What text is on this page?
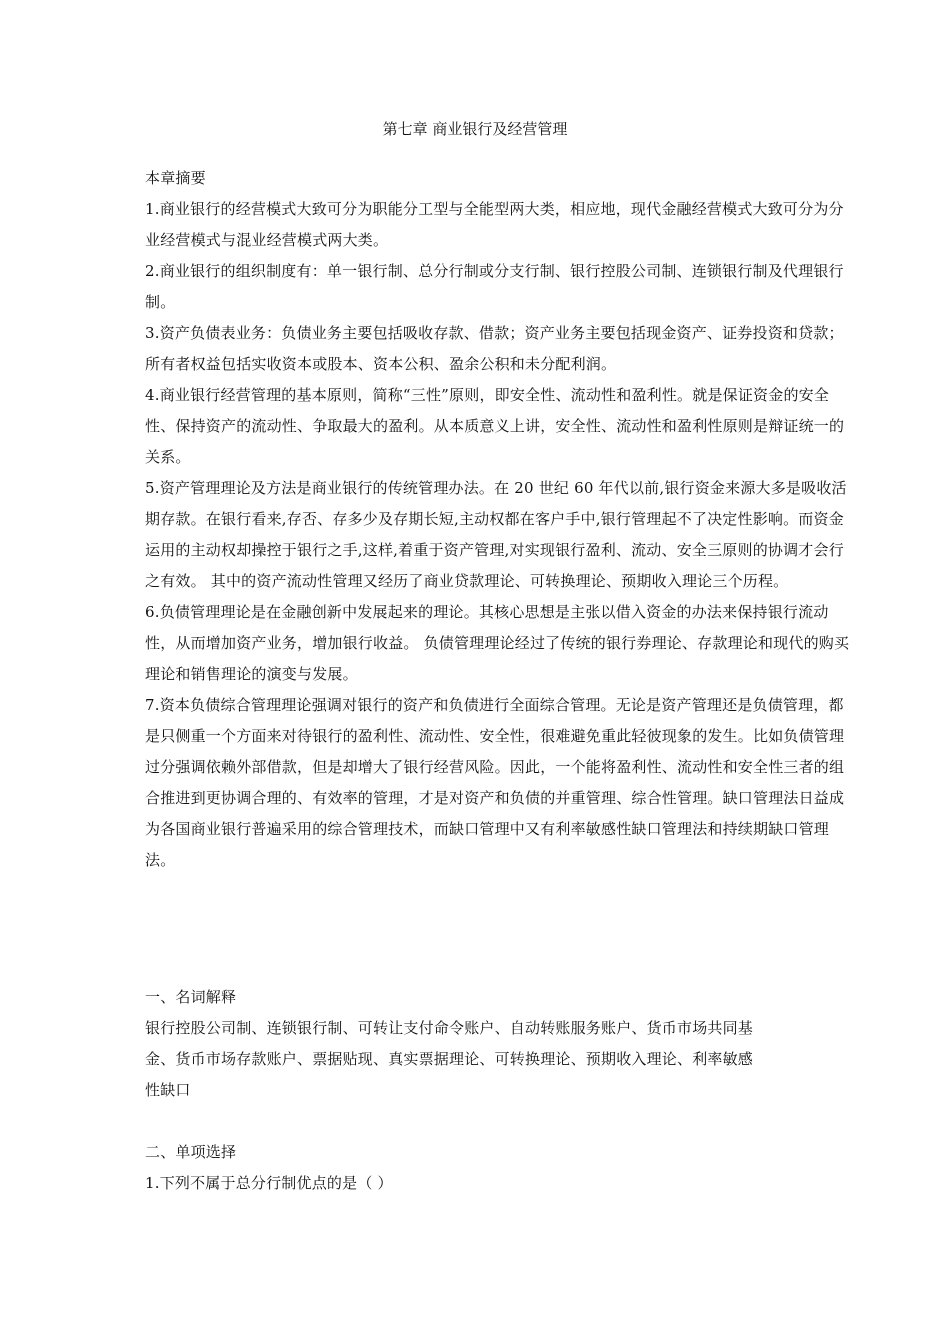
第七章 商业银行及经营管理

本章摘要

1.商业银行的经营模式大致可分为职能分工型与全能型两大类，相应地，现代金融经营模式大致可分为分业经营模式与混业经营模式两大类。

2.商业银行的组织制度有：单一银行制、总分行制或分支行制、银行控股公司制、连锁银行制及代理银行制。

3.资产负债表业务：负债业务主要包括吸收存款、借款；资产业务主要包括现金资产、证券投资和贷款；所有者权益包括实收资本或股本、资本公积、盈余公积和未分配利润。

4.商业银行经营管理的基本原则，简称“三性”原则，即安全性、流动性和盈利性。就是保证资金的安全性、保持资产的流动性、争取最大的盈利。从本质意义上讲，安全性、流动性和盈利性原则是辩证统一的关系。

5.资产管理理论及方法是商业银行的传统管理办法。在 20 世纪 60 年代以前,银行资金来源大多是吸收活期存款。在银行看来,存否、存多少及存期长短,主动权都在客户手中,银行管理起不了决定性影响。而资金运用的主动权却操控于银行之手,这样,着重于资产管理,对实现银行盈利、流动、安全三原则的协调才会行之有效。 其中的资产流动性管理又经历了商业贷款理论、可转换理论、预期收入理论三个历程。

6.负债管理理论是在金融创新中发展起来的理论。其核心思想是主张以借入资金的办法来保持银行流动性，从而增加资产业务，增加银行收益。 负债管理理论经过了传统的银行券理论、存款理论和现代的购买理论和销售理论的演变与发展。

7.资本负债综合管理理论强调对银行的资产和负债进行全面综合管理。无论是资产管理还是负债管理，都是只侧重一个方面来对待银行的盈利性、流动性、安全性，很难避免重此轻彼现象的发生。比如负债管理过分强调依赖外部借款，但是却增大了银行经营风险。因此，一个能将盈利性、流动性和安全性三者的组合推进到更协调合理的、有效率的管理，才是对资产和负债的并重管理、综合性管理。缺口管理法日益成为各国商业银行普遍采用的综合管理技术，而缺口管理中又有利率敏感性缺口管理法和持续期缺口管理法。

一、名词解释

银行控股公司制、连锁银行制、可转让支付命令账户、自动转账服务账户、货币市场共同基

金、货币市场存款账户、票据贴现、真实票据理论、可转换理论、预期收入理论、利率敏感

性缺口

二、单项选择

1.下列不属于总分行制优点的是（ ）
